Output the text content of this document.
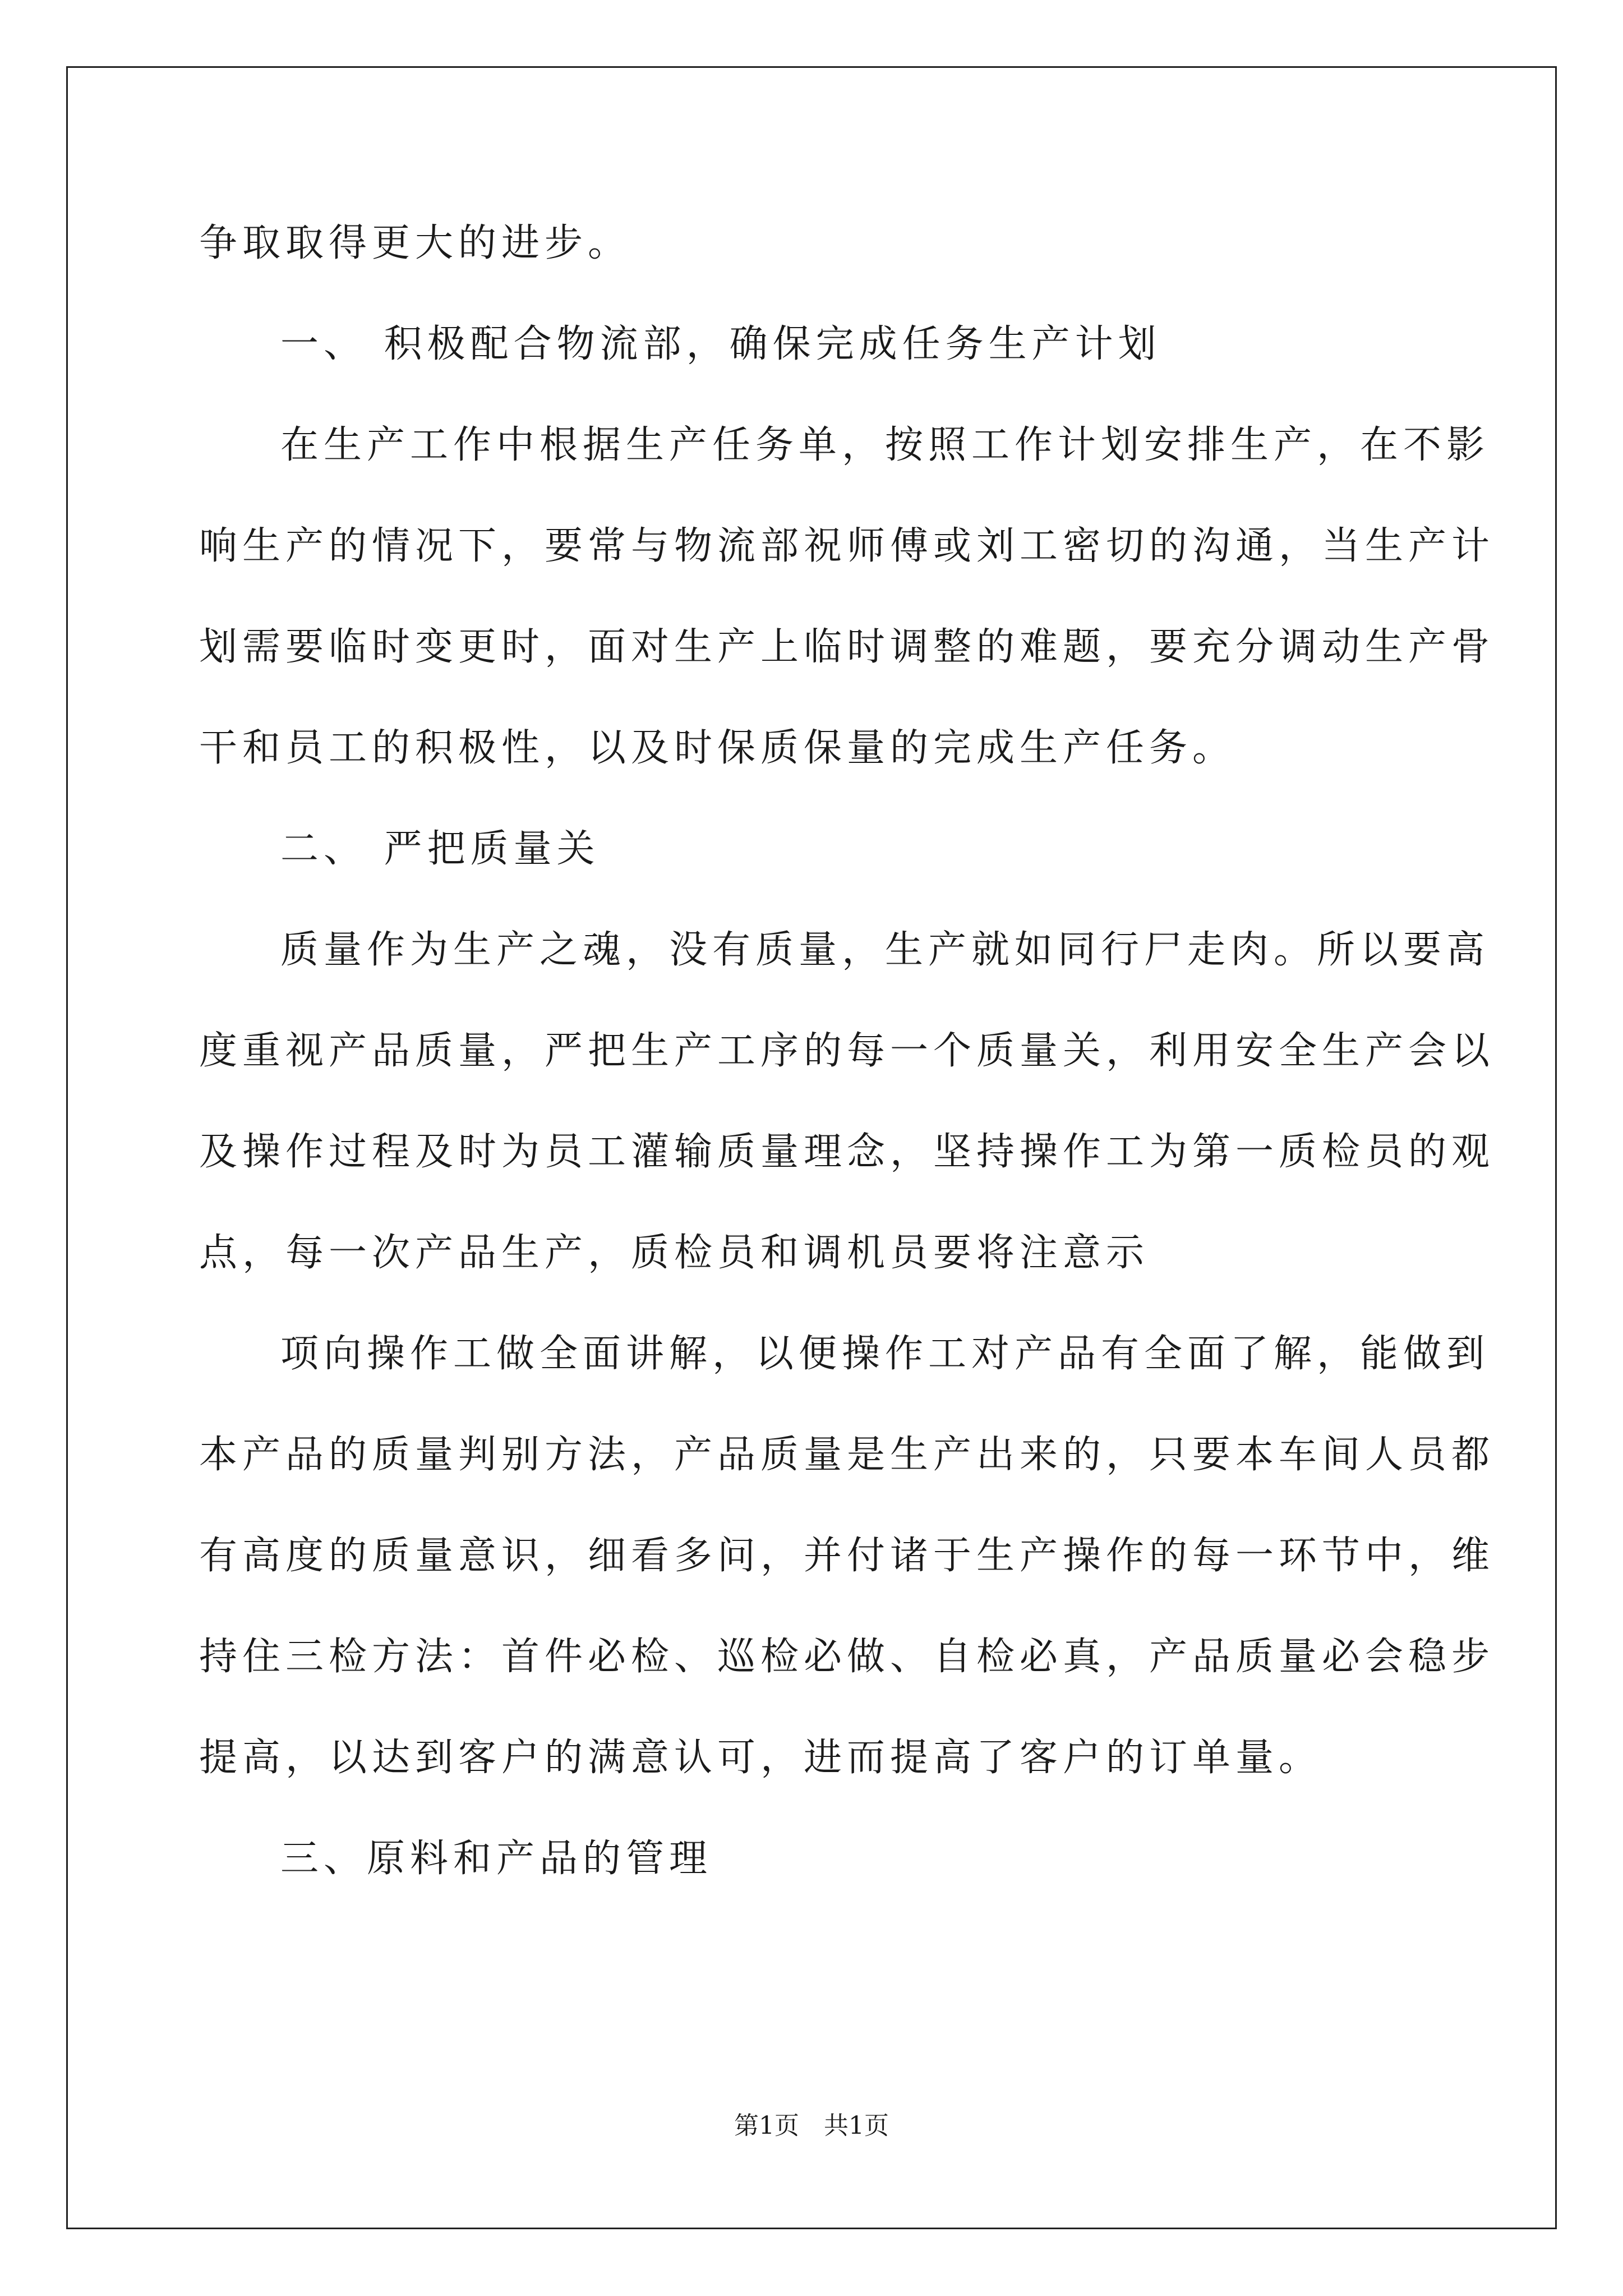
争取取得更大的进步。
一、 积极配合物流部，确保完成任务生产计划
在生产工作中根据生产任务单，按照工作计划安排生产，在不影
响生产的情况下，要常与物流部祝师傅或刘工密切的沟通，当生产计
划需要临时变更时，面对生产上临时调整的难题，要充分调动生产骨
干和员工的积极性，以及时保质保量的完成生产任务。
二、 严把质量关
质量作为生产之魂，没有质量，生产就如同行尸走肉。所以要高
度重视产品质量，严把生产工序的每一个质量关，利用安全生产会以
及操作过程及时为员工灌输质量理念，坚持操作工为第一质检员的观
点，每一次产品生产，质检员和调机员要将注意示
项向操作工做全面讲解，以便操作工对产品有全面了解，能做到
本产品的质量判别方法，产品质量是生产出来的，只要本车间人员都
有高度的质量意识，细看多问，并付诸于生产操作的每一环节中，维
持住三检方法：首件必检、巡检必做、自检必真，产品质量必会稳步
提高，以达到客户的满意认可，进而提高了客户的订单量。
三、原料和产品的管理
第1页　共1页
